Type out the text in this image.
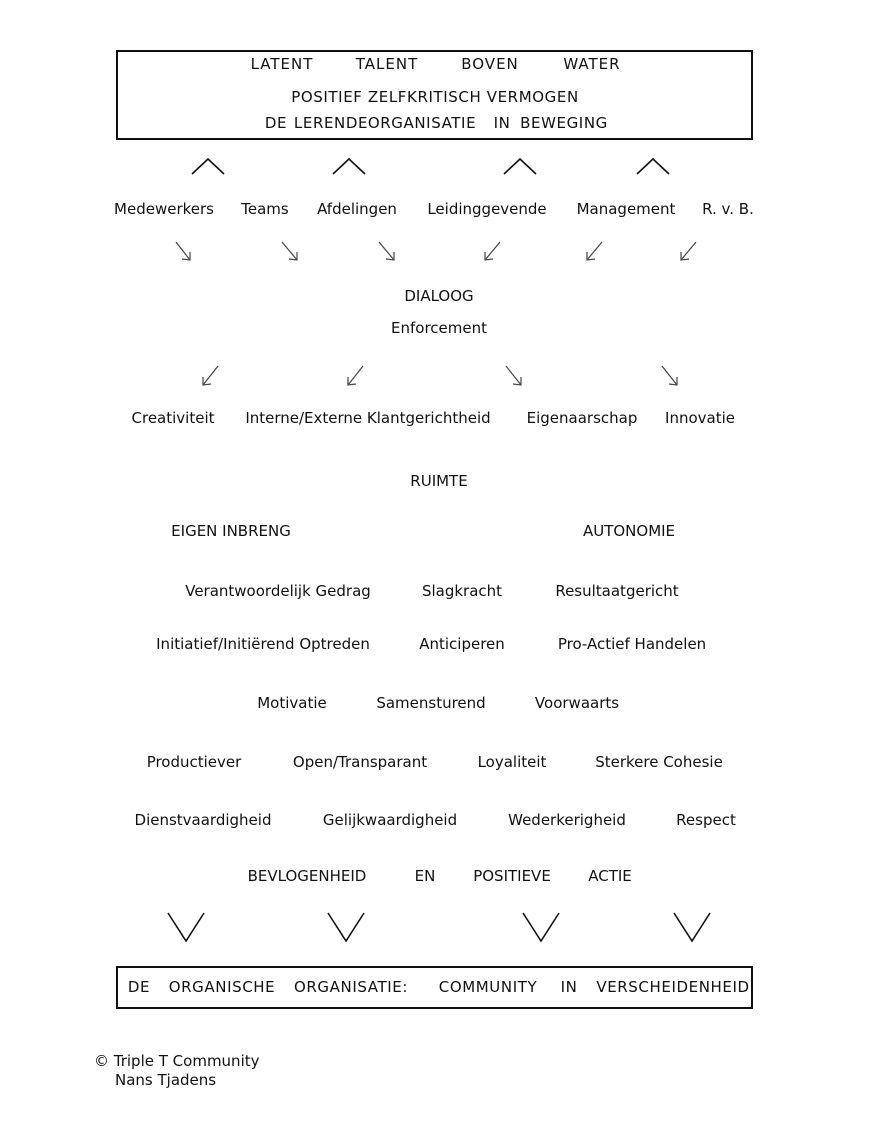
LATENT	TALENT	BOVEN	WATER
POSITIEF ZELFKRITISCH VERMOGEN
DE LERENDE ORGANISATIE IN BEWEGING
Medewerkers Teams Afdelingen Leidinggevende Management R. v. B.
DIALOOG
Enforcement
Creativiteit Interne/Externe Klantgerichtheid Eigenaarschap Innovatie
RUIMTE
EIGEN INBRENG	AUTONOMIE
Verantwoordelijk Gedrag	Slagkracht	Resultaatgericht
Initiatief/Initiërend Optreden	Anticiperen	Pro-Actief Handelen
Motivatie	Samensturend	Voorwaarts
Productiever	Open/Transparant	Loyaliteit	Sterkere Cohesie
Dienstvaardigheid	Gelijkwaardigheid	Wederkerigheid	Respect
BEVLOGENHEID	EN	POSITIEVE ACTIE
DE ORGANISCHE ORGANISATIE: COMMUNITY IN VERSCHEIDENHEID
© Triple T Community
Nans Tjadens
